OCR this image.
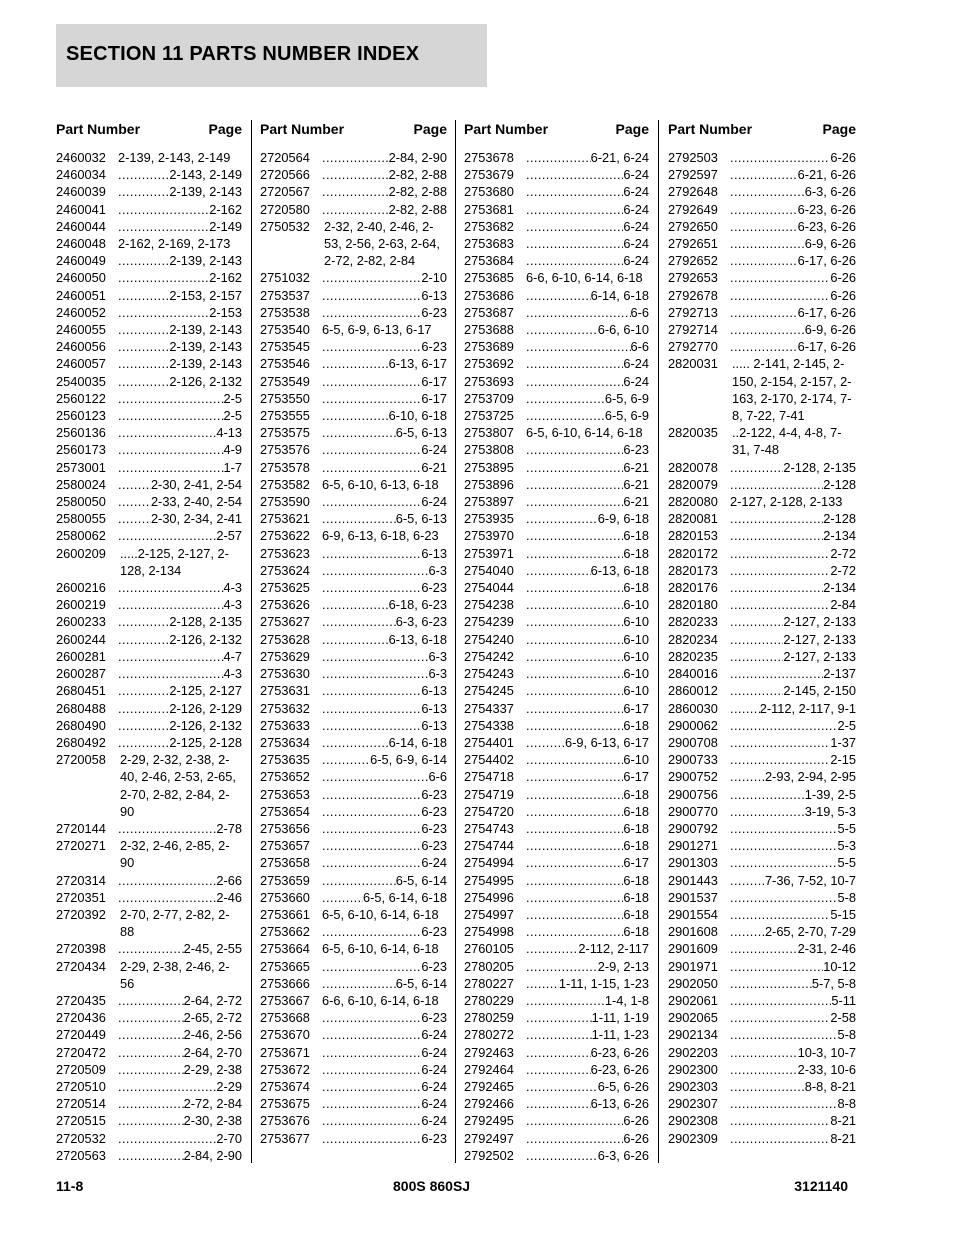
SECTION 11 PARTS NUMBER INDEX
Part Number	Page
2460032 2-139, 2-143, 2-149
2460034 .....	2-143, 2-149
2460039 .....	2-139, 2-143
2460041 .....	2-162
2460044 .....	2-149
2460048 2-162, 2-169, 2-173
2460049 .....	2-139, 2-143
2460050 .....	2-162
2460051 .....	2-153, 2-157
2460052 .....	2-153
2460055 .....	2-139, 2-143
2460056 .....	2-139, 2-143
2460057 .....	2-139, 2-143
2540035 .....	2-126, 2-132
2560122 .....	2-5
2560123 .....	2-5
2560136 .....	4-13
2560173 .....	4-9
2573001 .....	1-7
2580024 .....	2-30, 2-41, 2-54
2580050 .....	2-33, 2-40, 2-54
2580055 .....	2-30, 2-34, 2-41
2580062 .....	2-57
2600209	.....2-125, 2-127, 2-128, 2-134
2600216 .....	4-3
2600219 .....	4-3
2600233 .....	2-128, 2-135
2600244 .....	2-126, 2-132
2600281 .....	4-7
2600287 .....	4-3
2680451 .....	2-125, 2-127
2680488 .....	2-126, 2-129
2680490 .....	2-126, 2-132
2680492 .....	2-125, 2-128
2720058	2-29, 2-32, 2-38, 2-40, 2-46, 2-53, 2-65, 2-70, 2-82, 2-84, 2-90
2720144 .....	2-78
2720271	2-32, 2-46, 2-85, 2-90
2720314 .....	2-66
2720351 .....	2-46
2720392	2-70, 2-77, 2-82, 2-88
2720398 .....	2-45, 2-55
2720434	2-29, 2-38, 2-46, 2-56
2720435 .....	2-64, 2-72
2720436 .....	2-65, 2-72
2720449 .....	2-46, 2-56
2720472 .....	2-64, 2-70
2720509 .....	2-29, 2-38
2720510 .....	2-29
2720514 .....	2-72, 2-84
2720515 .....	2-30, 2-38
2720532 .....	2-70
2720563 .....	2-84, 2-90
Part Number	Page
2720564 .....	2-84, 2-90
2720566 .....	2-82, 2-88
2720567 .....	2-82, 2-88
2720580 .....	2-82, 2-88
2750532	2-32, 2-40, 2-46, 2-53, 2-56, 2-63, 2-64, 2-72, 2-82, 2-84
2751032 .....	2-10
2753537 .....	6-13
2753538 .....	6-23
2753540 6-5, 6-9, 6-13, 6-17
2753545 .....	6-23
2753546 .....	6-13, 6-17
2753549 .....	6-17
2753550 .....	6-17
2753555 .....	6-10, 6-18
2753575 .....	6-5, 6-13
2753576 .....	6-24
2753578 .....	6-21
2753582 6-5, 6-10, 6-13, 6-18
2753590 .....	6-24
2753621 .....	6-5, 6-13
2753622 6-9, 6-13, 6-18, 6-23
2753623 .....	6-13
2753624 .....	6-3
2753625 .....	6-23
2753626 .....	6-18, 6-23
2753627 .....	6-3, 6-23
2753628 .....	6-13, 6-18
2753629 .....	6-3
2753630 .....	6-3
2753631 .....	6-13
2753632 .....	6-13
2753633 .....	6-13
2753634 .....	6-14, 6-18
2753635 .....	6-5, 6-9, 6-14
2753652 .....	6-6
2753653 .....	6-23
2753654 .....	6-23
2753656 .....	6-23
2753657 .....	6-23
2753658 .....	6-24
2753659 .....	6-5, 6-14
2753660 .....	6-5, 6-14, 6-18
2753661 6-5, 6-10, 6-14, 6-18
2753662 .....	6-23
2753664 6-5, 6-10, 6-14, 6-18
2753665 .....	6-23
2753666 .....	6-5, 6-14
2753667 6-6, 6-10, 6-14, 6-18
2753668 .....	6-23
2753670 .....	6-24
2753671 .....	6-24
2753672 .....	6-24
2753674 .....	6-24
2753675 .....	6-24
2753676 .....	6-24
2753677 .....	6-23
Part Number	Page
2753678 .....	6-21, 6-24
2753679 .....	6-24
2753680 .....	6-24
2753681 .....	6-24
2753682 .....	6-24
2753683 .....	6-24
2753684 .....	6-24
2753685 6-6, 6-10, 6-14, 6-18
2753686 .....	6-14, 6-18
2753687 .....	6-6
2753688 .....	6-6, 6-10
2753689 .....	6-6
2753692 .....	6-24
2753693 .....	6-24
2753709 .....	6-5, 6-9
2753725 .....	6-5, 6-9
2753807 6-5, 6-10, 6-14, 6-18
2753808 .....	6-23
2753895 .....	6-21
2753896 .....	6-21
2753897 .....	6-21
2753935 .....	6-9, 6-18
2753970 .....	6-18
2753971 .....	6-18
2754040 .....	6-13, 6-18
2754044 .....	6-18
2754238 .....	6-10
2754239 .....	6-10
2754240 .....	6-10
2754242 .....	6-10
2754243 .....	6-10
2754245 .....	6-10
2754337 .....	6-17
2754338 .....	6-18
2754401 .....	6-9, 6-13, 6-17
2754402 .....	6-10
2754718 .....	6-17
2754719 .....	6-18
2754720 .....	6-18
2754743 .....	6-18
2754744 .....	6-18
2754994 .....	6-17
2754995 .....	6-18
2754996 .....	6-18
2754997 .....	6-18
2754998 .....	6-18
2760105 .....	2-112, 2-117
2780205 .....	2-9, 2-13
2780227 .....	1-11, 1-15, 1-23
2780229 .....	1-4, 1-8
2780259 .....	1-11, 1-19
2780272 .....	1-11, 1-23
2792463 .....	6-23, 6-26
2792464 .....	6-23, 6-26
2792465 .....	6-5, 6-26
2792466 .....	6-13, 6-26
2792495 .....	6-26
2792497 .....	6-26
2792502 .....	6-3, 6-26
Part Number	Page
2792503 .....	6-26
2792597 .....	6-21, 6-26
2792648 .....	6-3, 6-26
2792649 .....	6-23, 6-26
2792650 .....	6-23, 6-26
2792651 .....	6-9, 6-26
2792652 .....	6-17, 6-26
2792653 .....	6-26
2792678 .....	6-26
2792713 .....	6-17, 6-26
2792714 .....	6-9, 6-26
2792770 .....	6-17, 6-26
2820031	..... 2-141, 2-145, 2-150, 2-154, 2-157, 2-163, 2-170, 2-174, 7-8, 7-22, 7-41
2820035	..2-122, 4-4, 4-8, 7-31, 7-48
2820078 .....	2-128, 2-135
2820079 .....	2-128
2820080 2-127, 2-128, 2-133
2820081 .....	2-128
2820153 .....	2-134
2820172 .....	2-72
2820173 .....	2-72
2820176 .....	2-134
2820180 .....	2-84
2820233 .....	2-127, 2-133
2820234 .....	2-127, 2-133
2820235 .....	2-127, 2-133
2840016 .....	2-137
2860012 .....	2-145, 2-150
2860030 .....	2-112, 2-117, 9-1
2900062 .....	2-5
2900708 .....	1-37
2900733 .....	2-15
2900752 .....	2-93, 2-94, 2-95
2900756 .....	1-39, 2-5
2900770 .....	3-19, 5-3
2900792 .....	5-5
2901271 .....	5-3
2901303 .....	5-5
2901443 .....	7-36, 7-52, 10-7
2901537 .....	5-8
2901554 .....	5-15
2901608 .....	2-65, 2-70, 7-29
2901609 .....	2-31, 2-46
2901971 .....	10-12
2902050 .....	5-7, 5-8
2902061 .....	5-11
2902065 .....	2-58
2902134 .....	5-8
2902203 .....	10-3, 10-7
2902300 .....	2-33, 10-6
2902303 .....	8-8, 8-21
2902307 .....	8-8
2902308 .....	8-21
2902309 .....	8-21
11-8	800S 860SJ	3121140
